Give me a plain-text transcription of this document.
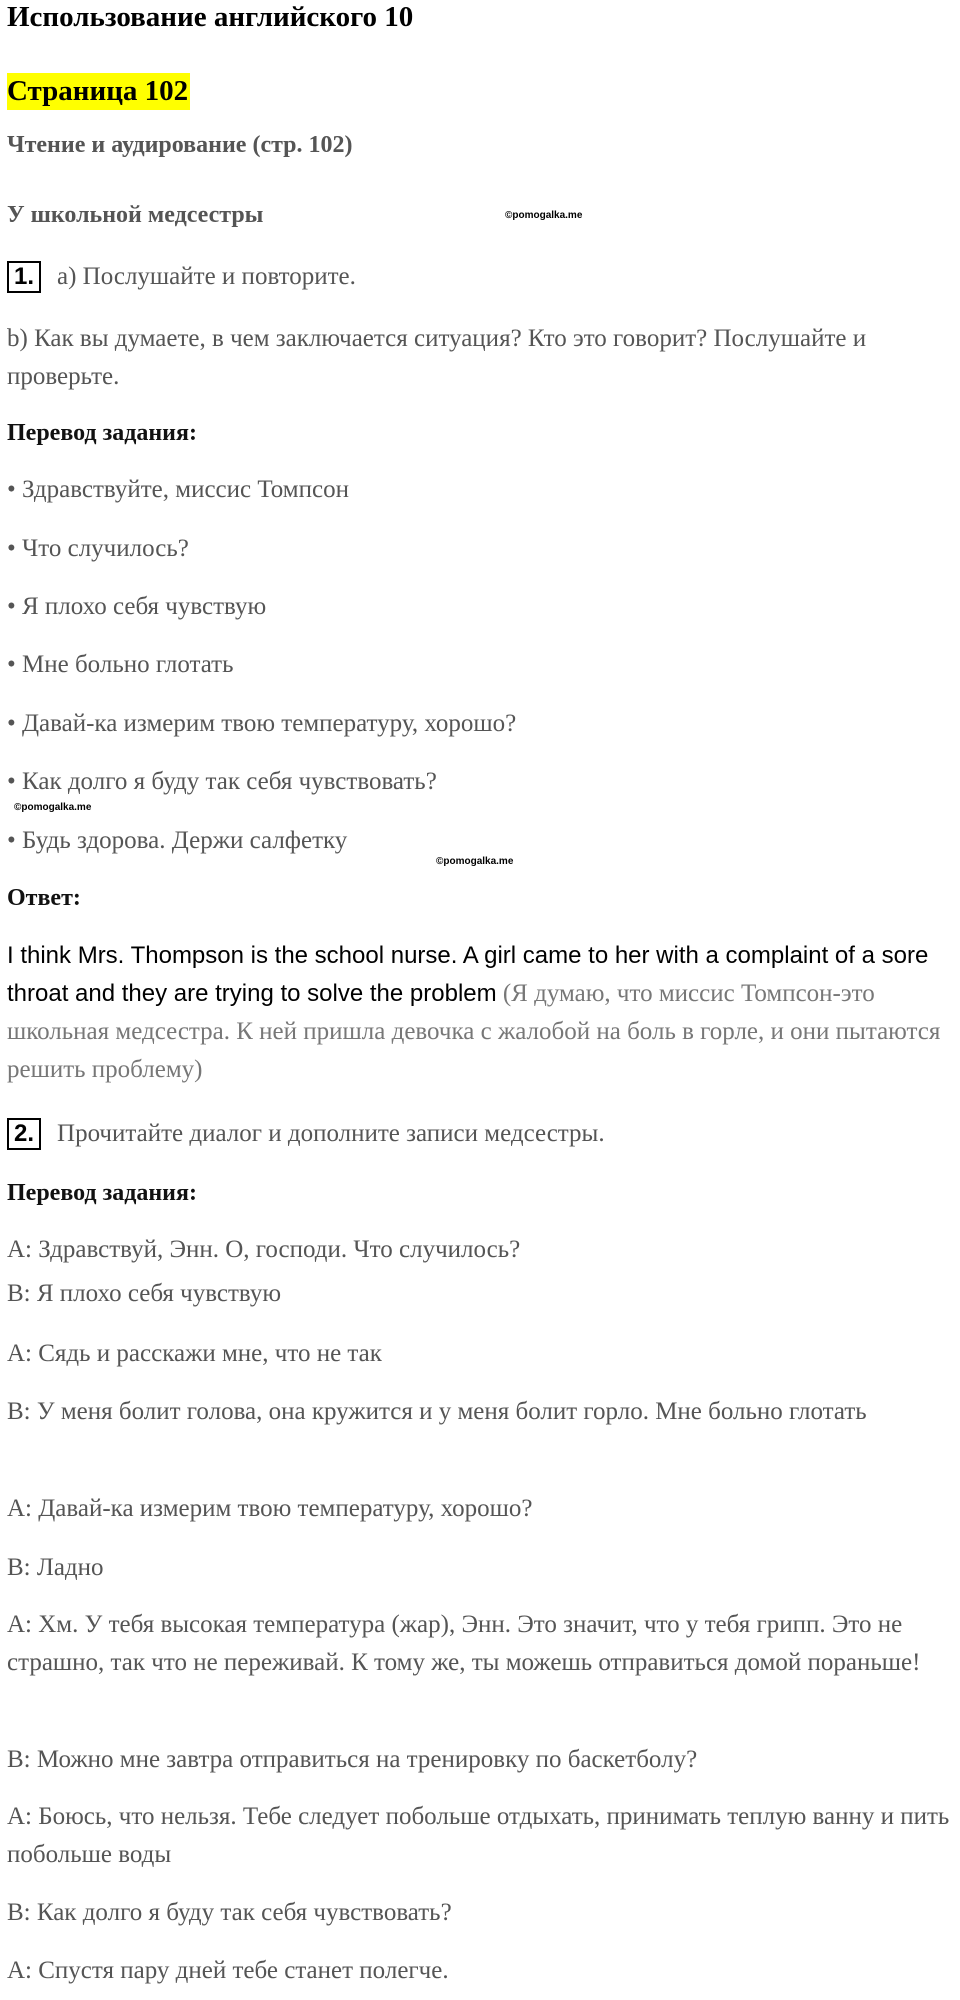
Использование английского 10
Страница 102
Чтение и аудирование (стр. 102)
У школьной медсестры	©pomogalka.me
1. a) Послушайте и повторите.
b) Как вы думаете, в чем заключается ситуация? Кто это говорит? Послушайте и проверьте.
Перевод задания:
• Здравствуйте, миссис Томпсон
• Что случилось?
• Я плохо себя чувствую
• Мне больно глотать
• Давай-ка измерим твою температуру, хорошо?
• Как долго я буду так себя чувствовать?
©pomogalka.me
• Будь здорова. Держи салфетку
©pomogalka.me
Ответ:
I think Mrs. Thompson is the school nurse. A girl came to her with a complaint of a sore throat and they are trying to solve the problem (Я думаю, что миссис Томпсон-это школьная медсестра. К ней пришла девочка с жалобой на боль в горле, и они пытаются решить проблему)
2. Прочитайте диалог и дополните записи медсестры.
Перевод задания:
A: Здравствуй, Энн. О, господи. Что случилось?
B: Я плохо себя чувствую
A: Сядь и расскажи мне, что не так
B: У меня болит голова, она кружится и у меня болит горло. Мне больно глотать
A: Давай-ка измерим твою температуру, хорошо?
B: Ладно
A: Хм. У тебя высокая температура (жар), Энн. Это значит, что у тебя грипп. Это не страшно, так что не переживай. К тому же, ты можешь отправиться домой пораньше!
B: Можно мне завтра отправиться на тренировку по баскетболу?
A: Боюсь, что нельзя. Тебе следует побольше отдыхать, принимать теплую ванну и пить побольше воды
B: Как долго я буду так себя чувствовать?
A: Спустя пару дней тебе станет полегче.
